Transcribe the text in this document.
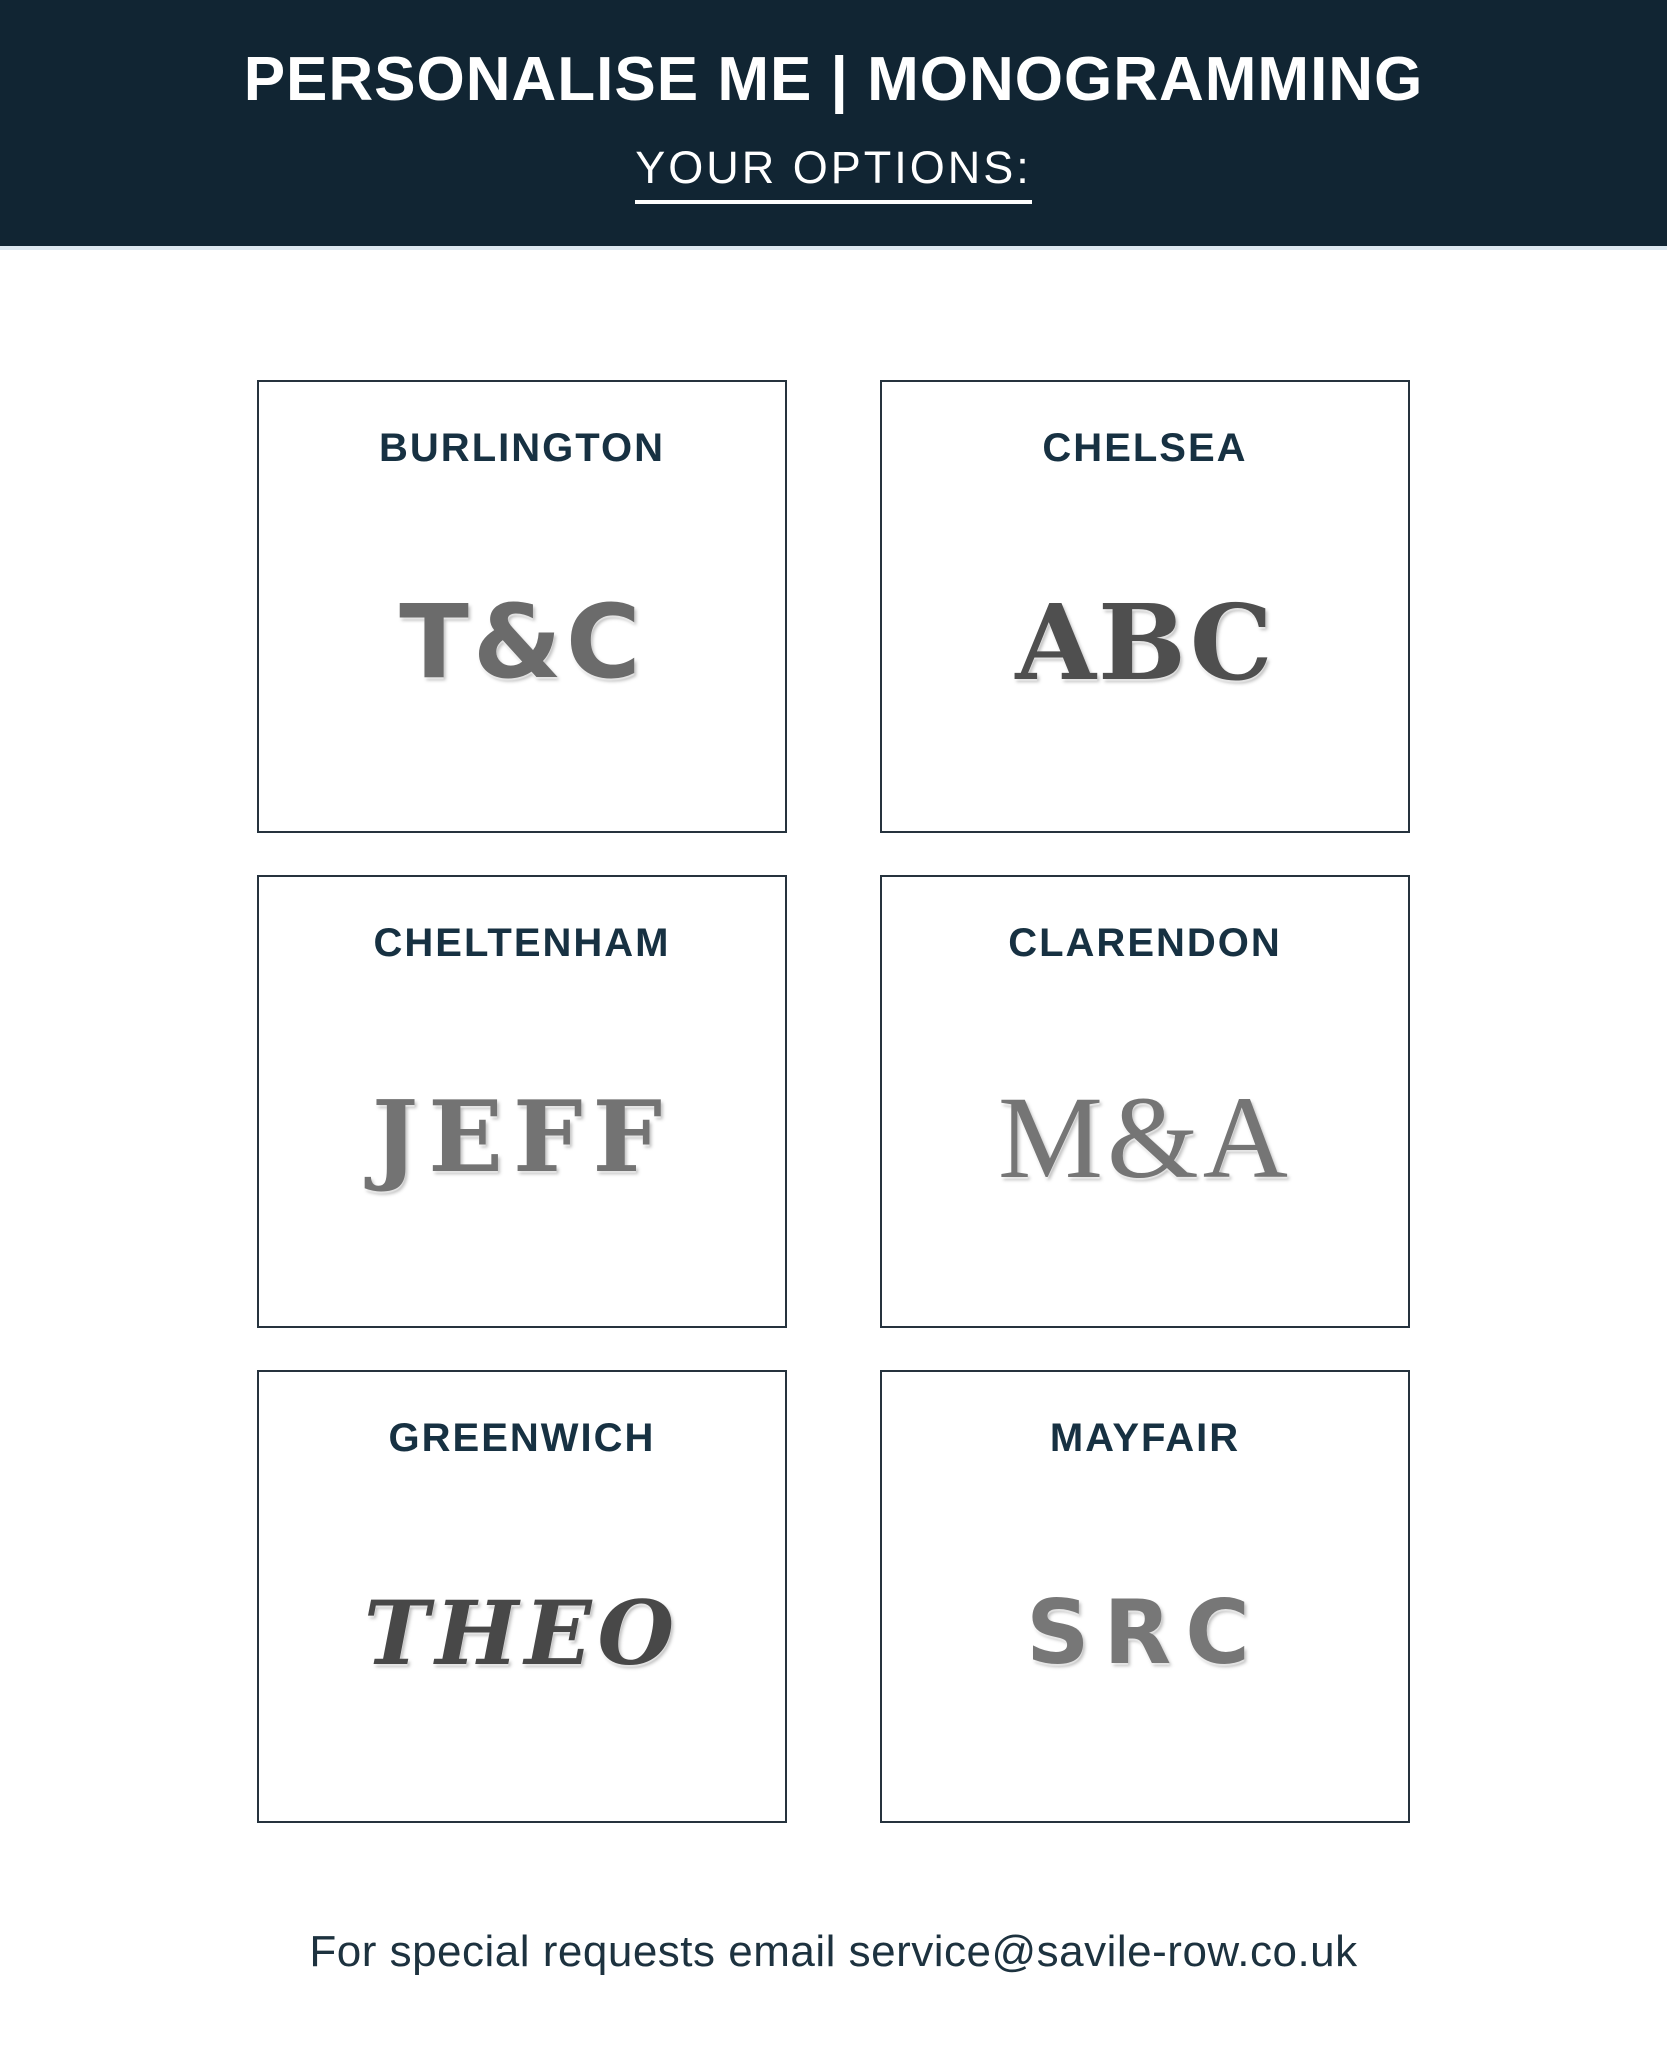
PERSONALISE ME | MONOGRAMMING
YOUR OPTIONS:
BURLINGTON
T&C
CHELSEA
ABC
CHELTENHAM
JEFF
CLARENDON
M&A
GREENWICH
THEO
MAYFAIR
SRC

For special requests email service@savile-row.co.uk
